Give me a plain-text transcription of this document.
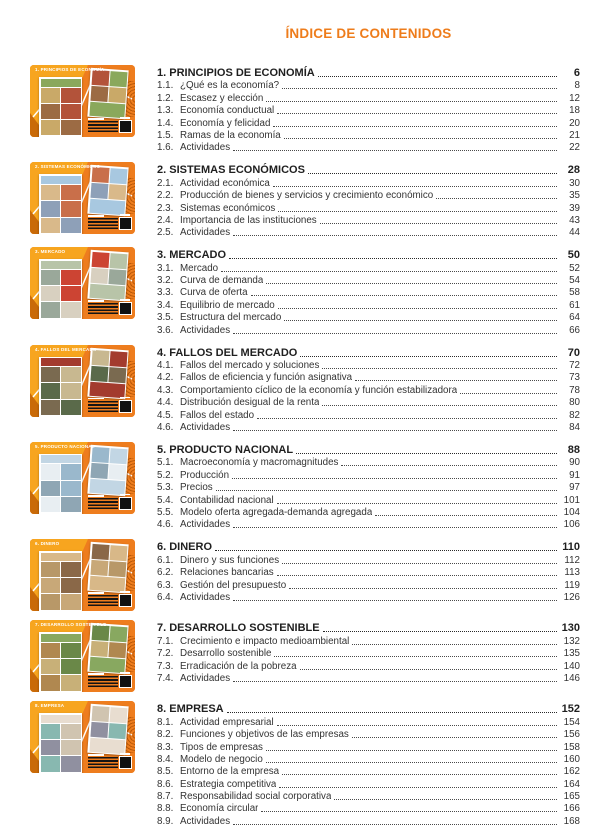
ÍNDICE DE CONTENIDOS
1. PRINCIPIOS DE ECONOMÍA	1. PRINCIPIOS DE ECONOMÍA	6
1.1. ¿Qué es la economía?	8
1.2. Escasez y elección	12
1.3. Economía conductual	18
1.4. Economía y felicidad	20
1.5. Ramas de la economía	21
1.6. Actividades	22
2. SISTEMAS ECONÓMICOS	2. SISTEMAS ECONÓMICOS	28
2.1. Actividad económica	30
2.2. Producción de bienes y servicios y crecimiento económico	35
2.3. Sistemas económicos	39
2.4. Importancia de las instituciones	43
2.5. Actividades	44
3. MERCADO	3. MERCADO	50
3.1. Mercado	52
3.2. Curva de demanda	54
3.3. Curva de oferta	58
3.4. Equilibrio de mercado	61
3.5. Estructura del mercado	64
3.6. Actividades	66
4. FALLOS DEL MERCADO	4. FALLOS DEL MERCADO	70
4.1. Fallos del mercado y soluciones	72
4.2. Fallos de eficiencia y función asignativa	73
4.3. Comportamiento cíclico de la economía y función estabilizadora	78
4.4. Distribución desigual de la renta	80
4.5. Fallos del estado	82
4.6. Actividades	84
5. PRODUCTO NACIONAL	5. PRODUCTO NACIONAL	88
5.1. Macroeconomía y macromagnitudes	90
5.2. Producción	91
5.3. Precios	97
5.4. Contabilidad nacional	101
5.5. Modelo oferta agregada-demanda agregada	104
4.6. Actividades	106
6. DINERO	6. DINERO	110
6.1. Dinero y sus funciones	112
6.2. Relaciones bancarias	113
6.3. Gestión del presupuesto	119
6.4. Actividades	126
7. DESARROLLO SOSTENIBLE	7. DESARROLLO SOSTENIBLE	130
7.1. Crecimiento e impacto medioambiental	132
7.2. Desarrollo sostenible	135
7.3. Erradicación de la pobreza	140
7.4. Actividades	146
8. EMPRESA	8. EMPRESA	152
8.1. Actividad empresarial	154
8.2. Funciones y objetivos de las empresas	156
8.3. Tipos de empresas	158
8.4. Modelo de negocio	160
8.5. Entorno de la empresa	162
8.6. Estrategia competitiva	164
8.7. Responsabilidad social corporativa	165
8.8. Economía circular	166
8.9. Actividades	168
